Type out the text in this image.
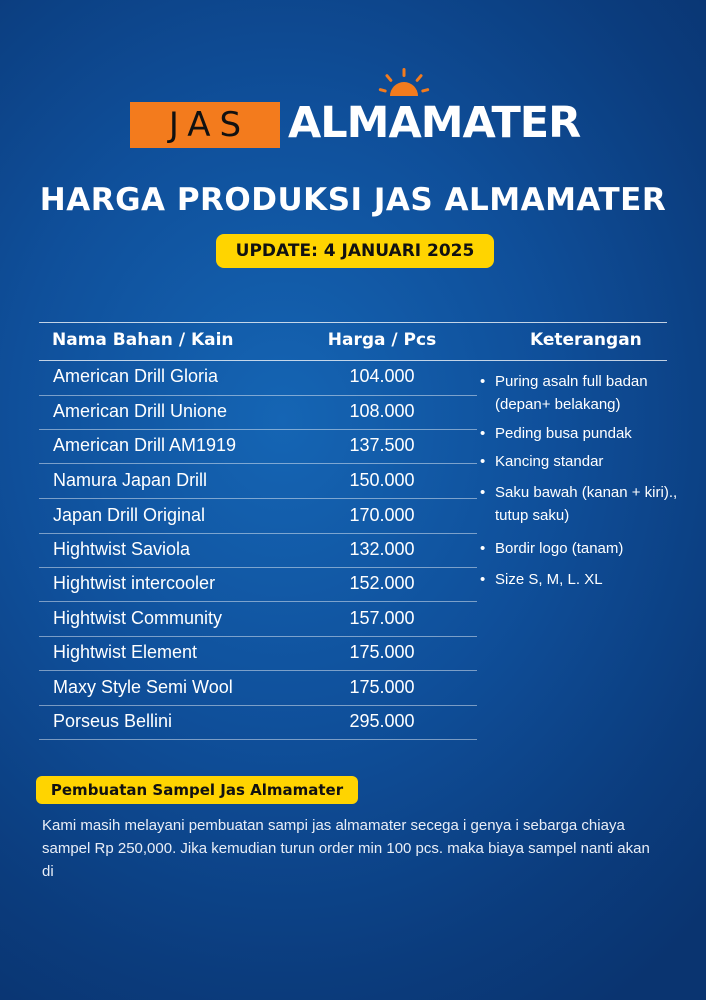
JAS ALMAMATER
HARGA PRODUKSI JAS ALMAMATER
UPDATE: 4 JANUARI 2025
Nama Bahan / Kain	Harga / Pcs	Keterangan
American Drill Gloria	104.000
American Drill Unione	108.000
American Drill AM1919	137.500
Namura Japan Drill	150.000
Japan Drill Original	170.000
Hightwist Saviola	132.000
Hightwist intercooler	152.000
Hightwist Community	157.000
Hightwist Element	175.000
Maxy Style Semi Wool	175.000
Porseus Bellini	295.000
• Puring asaln full badan (depan+ belakang)
• Peding busa pundak
• Kancing standar
• Saku bawah (kanan + kiri)., tutup saku)
• Bordir logo (tanam)
• Size S, M, L. XL
Pembuatan Sampel Jas Almamater
Kami masih melayani pembuatan sampi jas almamater secega i genya i sebarga chiaya sampel Rp 250,000. Jika kemudian turun order min 100 pcs. maka biaya sampel nanti akan di
